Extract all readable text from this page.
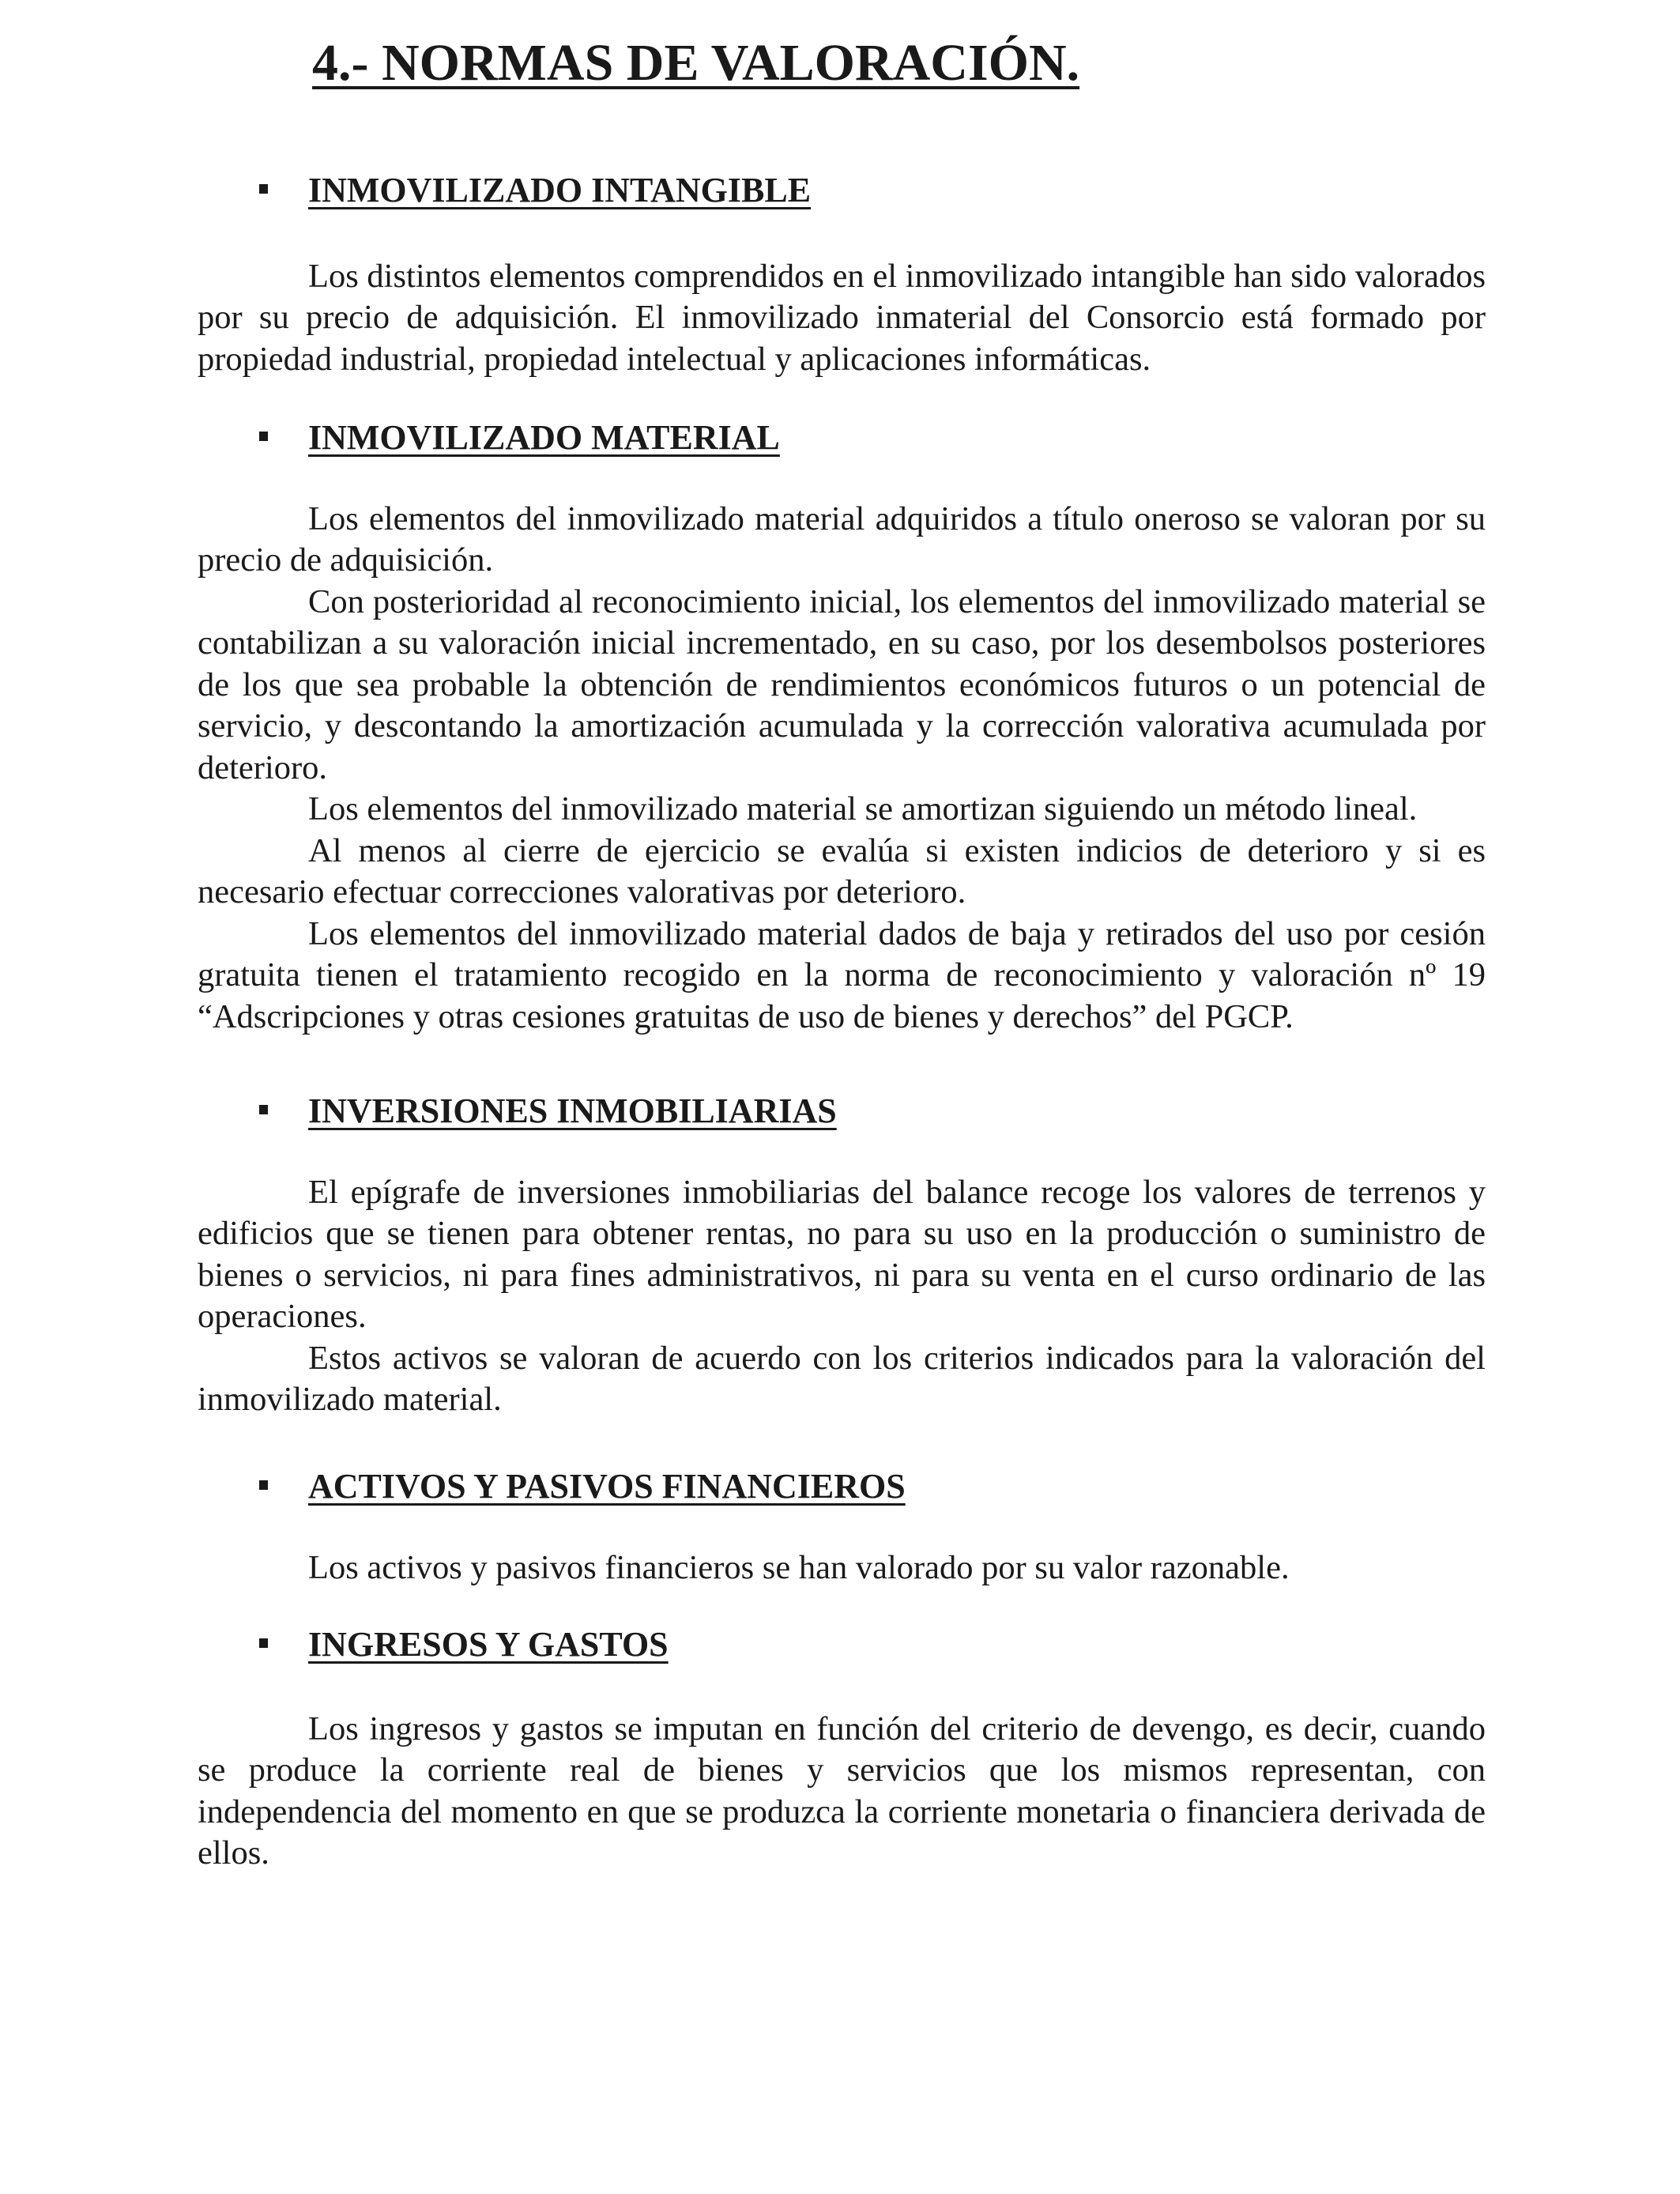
4.- NORMAS DE VALORACIÓN.
INMOVILIZADO INTANGIBLE

Los distintos elementos comprendidos en el inmovilizado intangible han sido valorados por su precio de adquisición. El inmovilizado inmaterial del Consorcio está formado por propiedad industrial, propiedad intelectual y aplicaciones informáticas.

INMOVILIZADO MATERIAL

Los elementos del inmovilizado material adquiridos a título oneroso se valoran por su precio de adquisición.

Con posterioridad al reconocimiento inicial, los elementos del inmovilizado material se contabilizan a su valoración inicial incrementado, en su caso, por los desembolsos posteriores de los que sea probable la obtención de rendimientos económicos futuros o un potencial de servicio, y descontando la amortización acumulada y la corrección valorativa acumulada por deterioro.

Los elementos del inmovilizado material se amortizan siguiendo un método lineal.

Al menos al cierre de ejercicio se evalúa si existen indicios de deterioro y si es necesario efectuar correcciones valorativas por deterioro.

Los elementos del inmovilizado material dados de baja y retirados del uso por cesión gratuita tienen el tratamiento recogido en la norma de reconocimiento y valoración nº 19 “Adscripciones y otras cesiones gratuitas de uso de bienes y derechos” del PGCP.

INVERSIONES INMOBILIARIAS

El epígrafe de inversiones inmobiliarias del balance recoge los valores de terrenos y edificios que se tienen para obtener rentas, no para su uso en la producción o suministro de bienes o servicios, ni para fines administrativos, ni para su venta en el curso ordinario de las operaciones.

Estos activos se valoran de acuerdo con los criterios indicados para la valoración del inmovilizado material.

ACTIVOS Y PASIVOS FINANCIEROS

Los activos y pasivos financieros se han valorado por su valor razonable.

INGRESOS Y GASTOS

Los ingresos y gastos se imputan en función del criterio de devengo, es decir, cuando se produce la corriente real de bienes y servicios que los mismos representan, con independencia del momento en que se produzca la corriente monetaria o financiera derivada de ellos.
